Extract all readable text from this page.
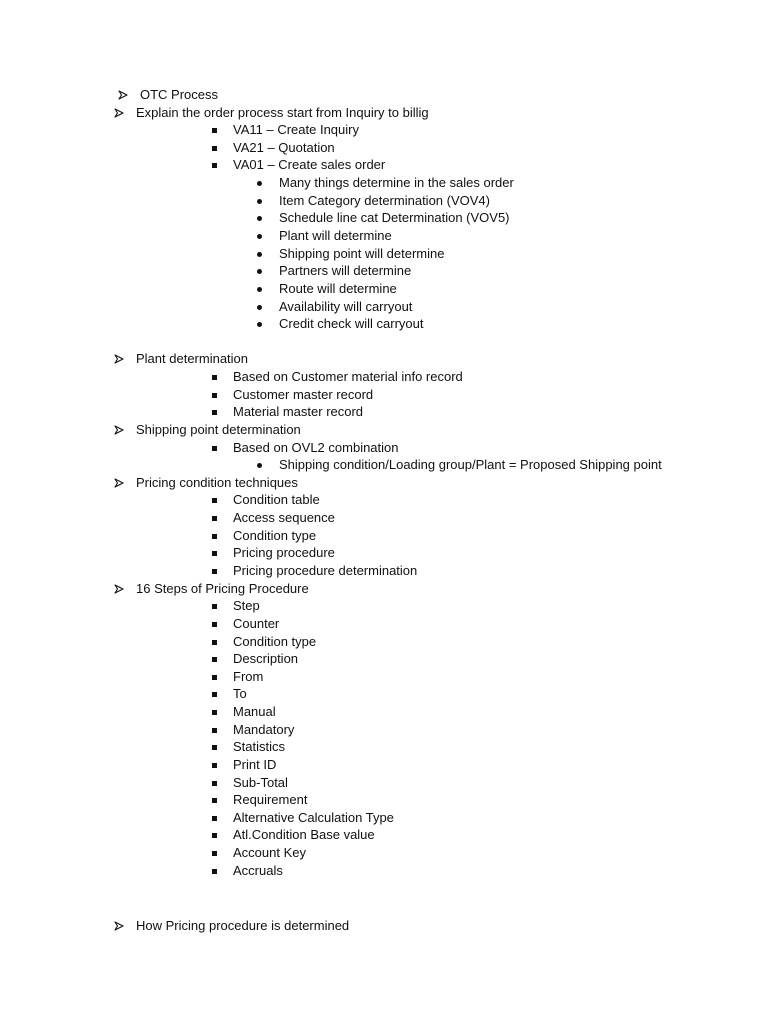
OTC Process
Explain the order process start from Inquiry to billig
VA11 – Create Inquiry
VA21 – Quotation
VA01 – Create sales order
Many things determine in the sales order
Item Category determination (VOV4)
Schedule line cat Determination (VOV5)
Plant will determine
Shipping point will determine
Partners will determine
Route will determine
Availability will carryout
Credit check will carryout
Plant determination
Based on Customer material info record
Customer master record
Material master record
Shipping point determination
Based on OVL2 combination
Shipping condition/Loading group/Plant = Proposed Shipping point
Pricing condition techniques
Condition table
Access sequence
Condition type
Pricing procedure
Pricing procedure determination
16 Steps of Pricing Procedure
Step
Counter
Condition type
Description
From
To
Manual
Mandatory
Statistics
Print ID
Sub-Total
Requirement
Alternative Calculation Type
Atl.Condition Base value
Account Key
Accruals
How Pricing procedure is determined
